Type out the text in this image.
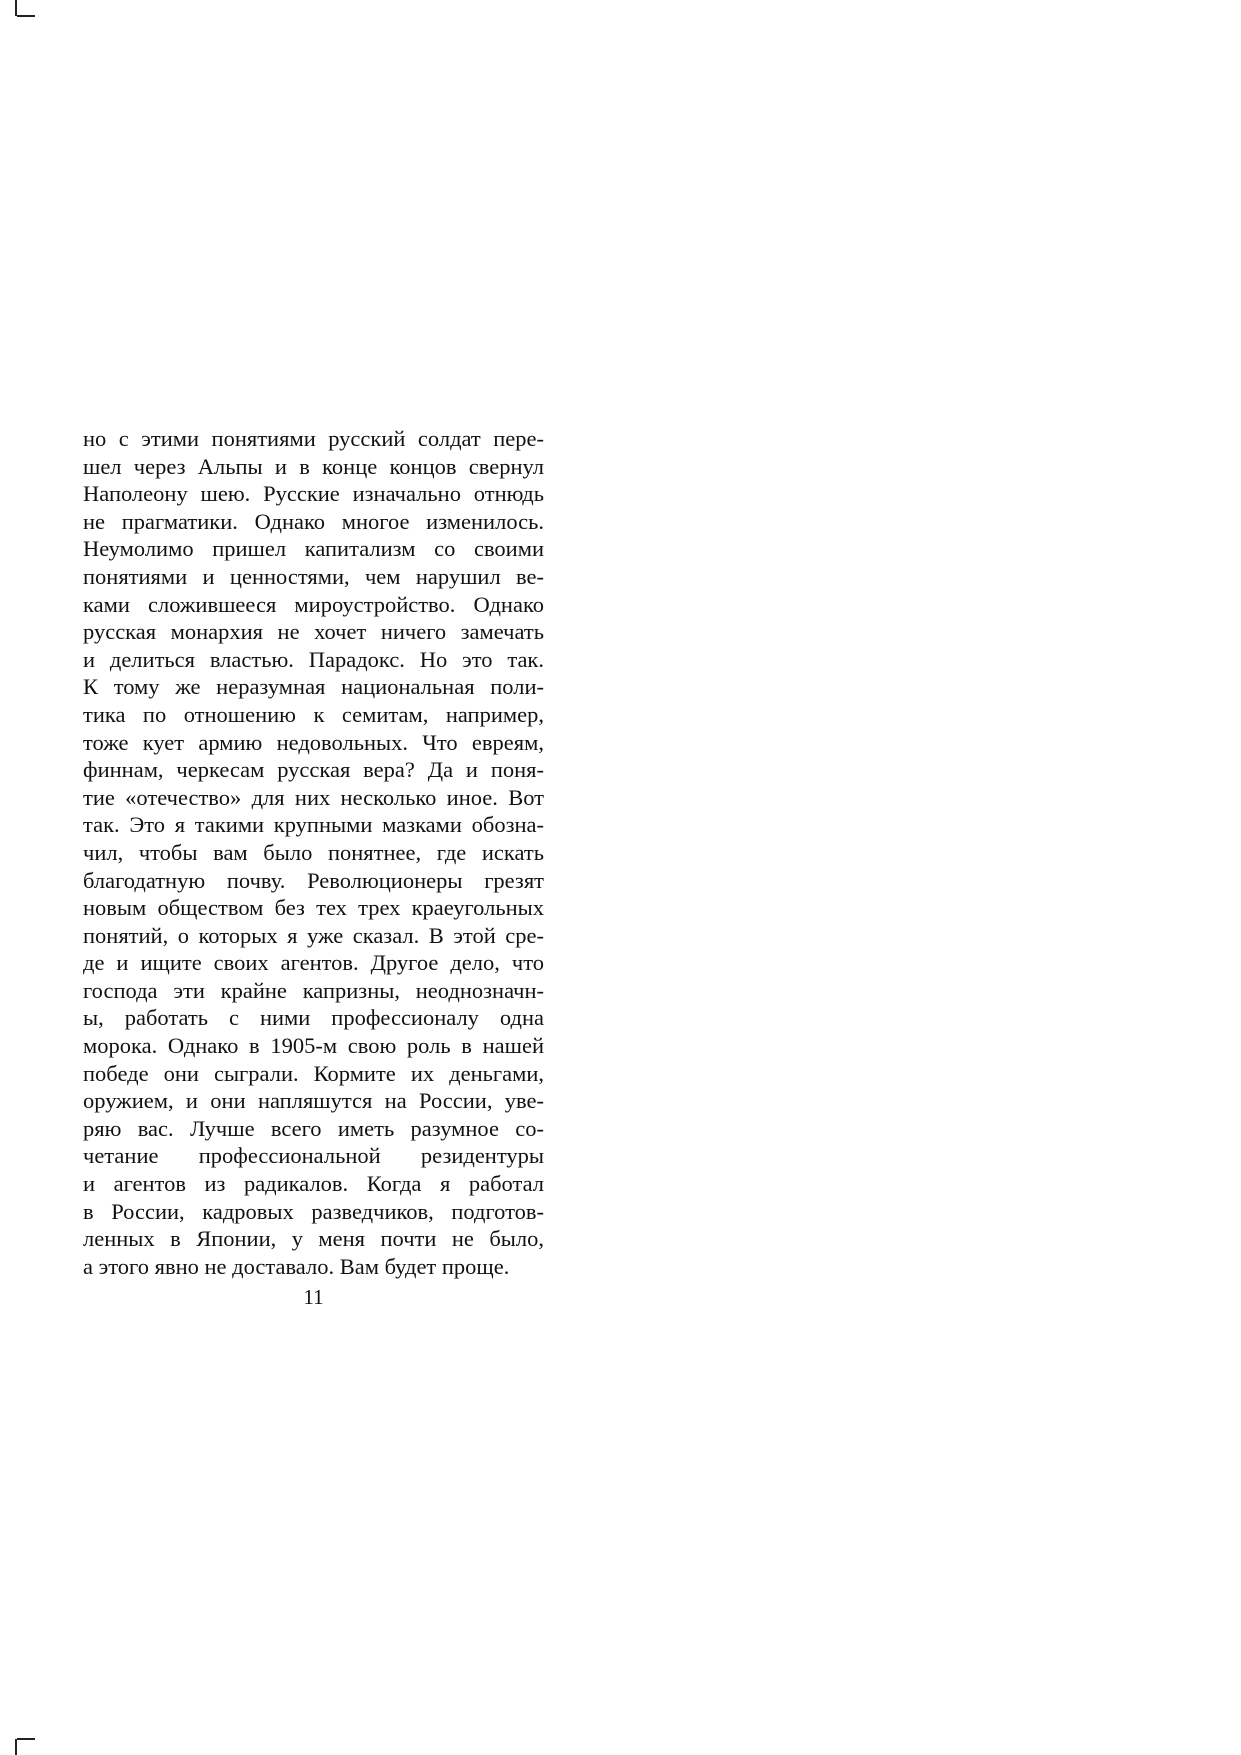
но с этими понятиями русский солдат пере-
шел через Альпы и в конце концов свернул
Наполеону шею. Русские изначально отнюдь
не прагматики. Однако многое изменилось.
Неумолимо пришел капитализм со своими
понятиями и ценностями, чем нарушил ве-
ками сложившееся мироустройство. Однако
русская монархия не хочет ничего замечать
и делиться властью. Парадокс. Но это так.
К тому же неразумная национальная поли-
тика по отношению к семитам, например,
тоже кует армию недовольных. Что евреям,
финнам, черкесам русская вера? Да и поня-
тие «отечество» для них несколько иное. Вот
так. Это я такими крупными мазками обозна-
чил, чтобы вам было понятнее, где искать
благодатную почву. Революционеры грезят
новым обществом без тех трех краеугольных
понятий, о которых я уже сказал. В этой сре-
де и ищите своих агентов. Другое дело, что
господа эти крайне капризны, неоднозначн-
ы, работать с ними профессионалу одна
морока. Однако в 1905-м свою роль в нашей
победе они сыграли. Кормите их деньгами,
оружием, и они напляшутся на России, уве-
ряю вас. Лучше всего иметь разумное со-
четание профессиональной резидентуры
и агентов из радикалов. Когда я работал
в России, кадровых разведчиков, подготов-
ленных в Японии, у меня почти не было,
а этого явно не доставало. Вам будет проще.
11
